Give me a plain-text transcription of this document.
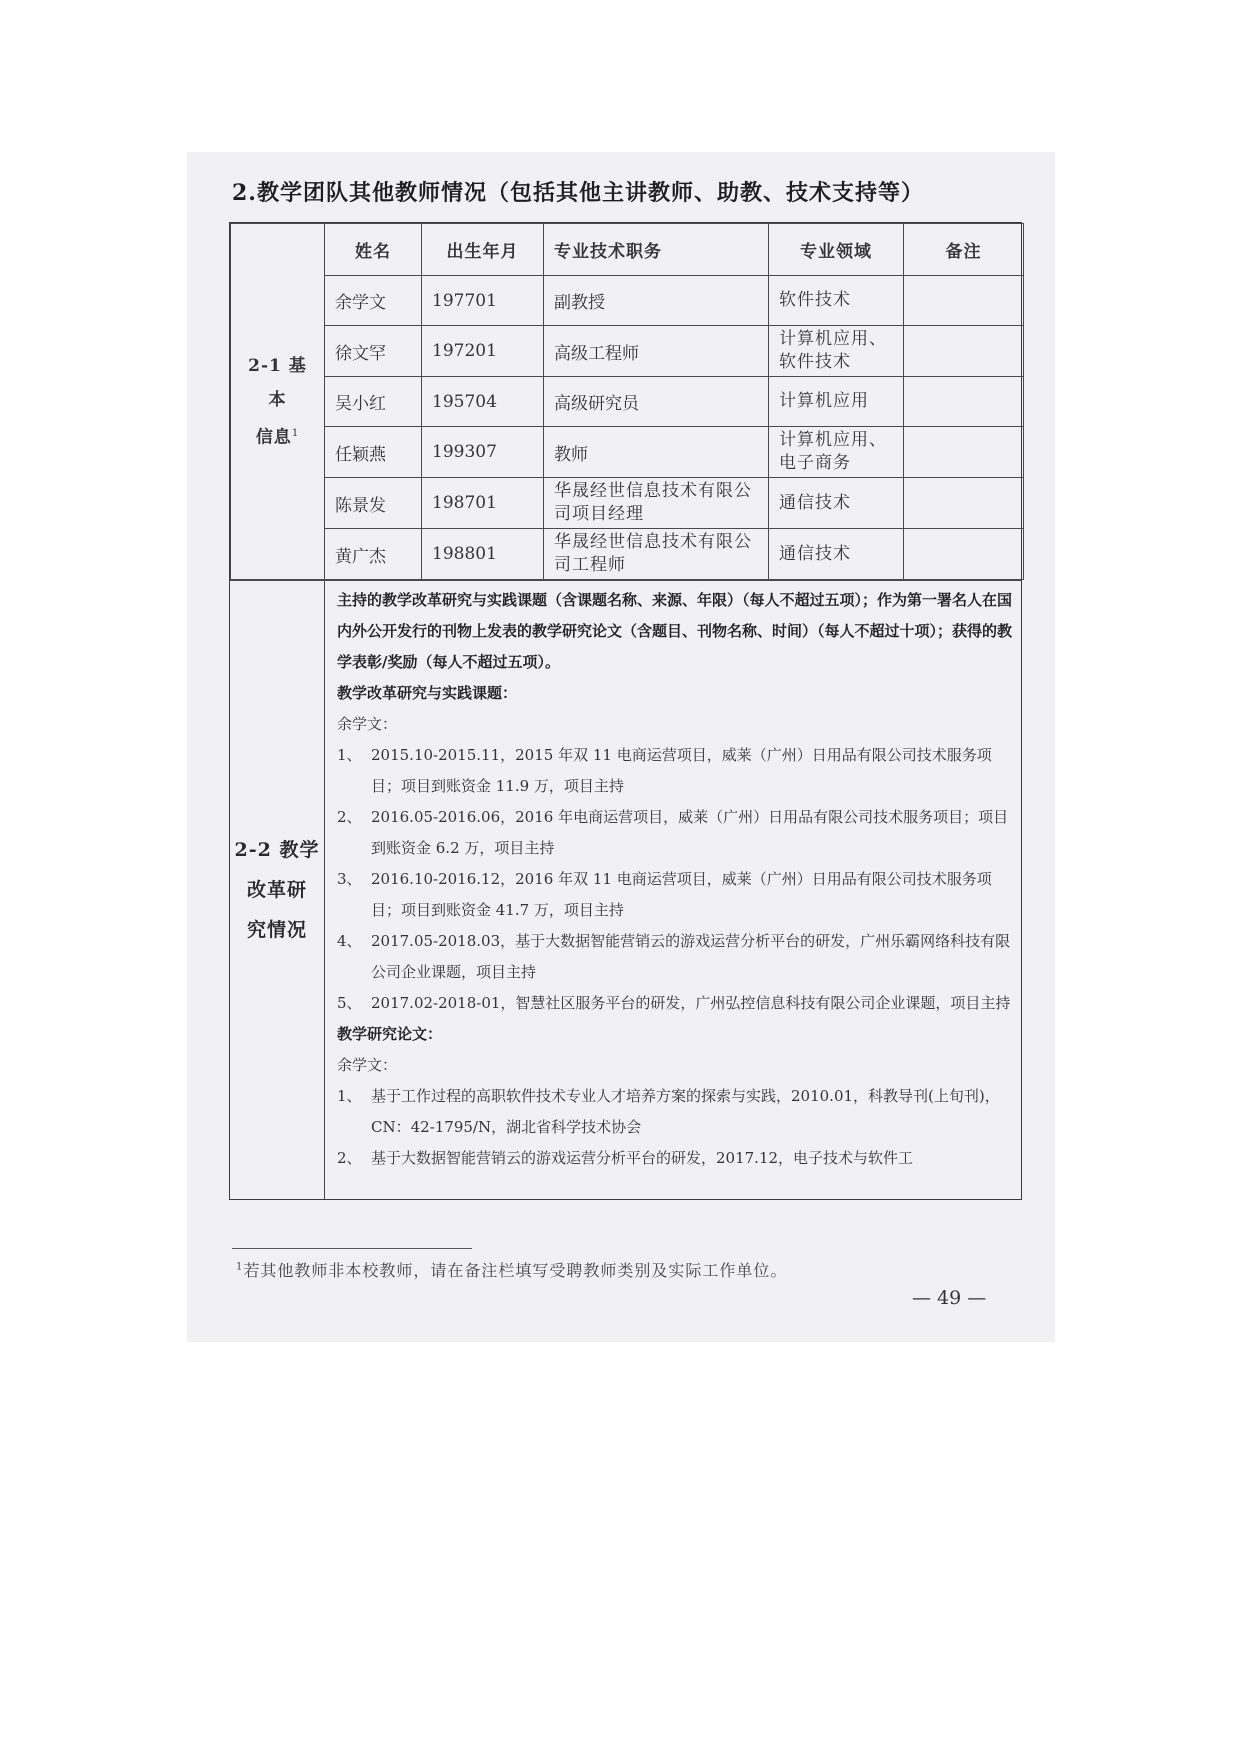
2.教学团队其他教师情况（包括其他主讲教师、助教、技术支持等）
2-1 基本
信息$^1$	姓名	出生年月	专业技术职务	专业领域	备注
	余学文	197701	副教授	软件技术	
	徐文罕	197201	高级工程师	计算机应用、软件技术	
	吴小红	195704	高级研究员	计算机应用	
	任颖燕	199307	教师	计算机应用、电子商务	
	陈景发	198701	华晟经世信息技术有限公司项目经理	通信技术	
	黄广杰	198801	华晟经世信息技术有限公司工程师	通信技术	
2-2 教学
改革研
究情况
主持的教学改革研究与实践课题（含课题名称、来源、年限）（每人不超过五项）；作为第一署名人在国内外公开发行的刊物上发表的教学研究论文（含题目、刊物名称、时间）（每人不超过十项）；获得的教学表彰/奖励（每人不超过五项）。
教学改革研究与实践课题：
余学文：
1、 2015.10-2015.11，2015 年双 11 电商运营项目，威莱（广州）日用品有限公司技术服务项目；项目到账资金 11.9 万，项目主持
2、 2016.05-2016.06，2016 年电商运营项目，威莱（广州）日用品有限公司技术服务项目；项目到账资金 6.2 万，项目主持
3、 2016.10-2016.12，2016 年双 11 电商运营项目，威莱（广州）日用品有限公司技术服务项目；项目到账资金 41.7 万，项目主持
4、 2017.05-2018.03，基于大数据智能营销云的游戏运营分析平台的研发，广州乐霸网络科技有限公司企业课题，项目主持
5、 2017.02-2018-01，智慧社区服务平台的研发，广州弘控信息科技有限公司企业课题，项目主持
教学研究论文：
余学文：
1、 基于工作过程的高职软件技术专业人才培养方案的探索与实践，2010.01，科教导刊(上旬刊)，CN：42-1795/N，湖北省科学技术协会
2、 基于大数据智能营销云的游戏运营分析平台的研发，2017.12，电子技术与软件工
$^1$若其他教师非本校教师，请在备注栏填写受聘教师类别及实际工作单位。
— 49 —
